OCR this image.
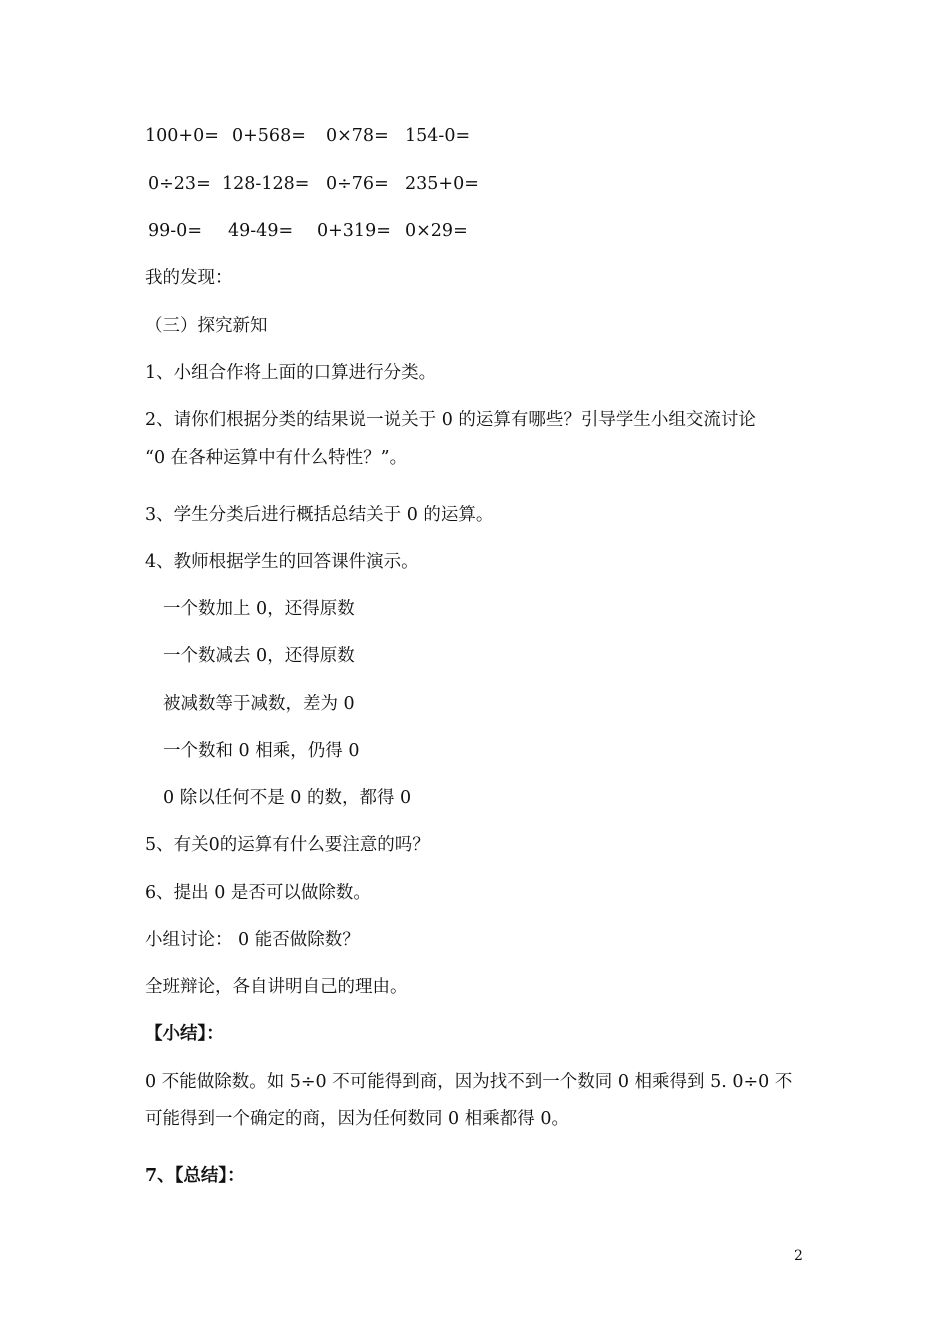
100+0= 0+568= 0×78= 154-0=
0÷23= 128-128= 0÷76= 235+0=
99-0= 49-49= 0+319= 0×29=
我的发现：
（三）探究新知
1、小组合作将上面的口算进行分类。
2、请你们根据分类的结果说一说关于 0 的运算有哪些？引导学生小组交流讨论
“0 在各种运算中有什么特性？”。
3、学生分类后进行概括总结关于 0 的运算。
4、教师根据学生的回答课件演示。
一个数加上 0，还得原数
一个数减去 0，还得原数
被减数等于减数，差为 0
一个数和 0 相乘，仍得 0
0 除以任何不是 0 的数，都得 0
5、有关0的运算有什么要注意的吗？
6、提出 0 是否可以做除数。
小组讨论： 0 能否做除数？
全班辩论，各自讲明自己的理由。
【小结】：
0 不能做除数。如 5÷0 不可能得到商，因为找不到一个数同 0 相乘得到 5. 0÷0 不
可能得到一个确定的商，因为任何数同 0 相乘都得 0。
7、【总结】：
2
